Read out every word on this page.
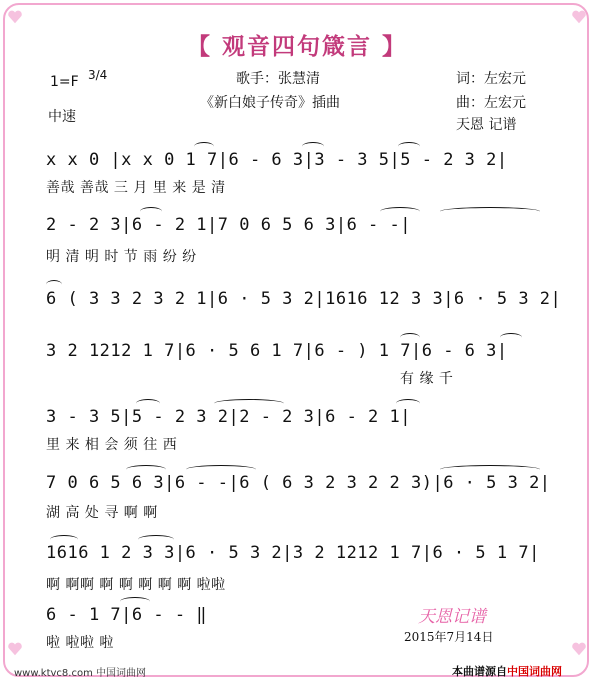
【 观音四句箴言 】
1=F 3/4
中速
歌手：张慧清
《新白娘子传奇》插曲
词：左宏元
曲：左宏元
天恩 记谱
x x 0 |x x 0 1 7|6 - 6 3|3 - 3 5|5 - 2 3 2|
善哉 善哉 三 月 里 来 是 清
2 - 2 3|6 - 2 1|7 0 6 5 6 3|6 - -|
明 清 明 时 节 雨 纷 纷
6 ( 3 3 2 3 2 1|6 · 5 3 2|1616 12 3 3|6 · 5 3 2|
3 2 1212 1 7|6 · 5 6 1 7|6 - ) 1 7|6 - 6 3|
有 缘 千
3 - 3 5|5 - 2 3 2|2 - 2 3|6 - 2 1|
里 来 相 会 须 往 西
7 0 6 5 6 3|6 - -|6 ( 6 3 2 3 2 2 3)|6 · 5 3 2|
湖 高 处 寻 啊 啊
1616 1 2 3 3|6 · 5 3 2|3 2 1212 1 7|6 · 5 1 7|
啊 啊啊 啊 啊 啊 啊 啊 啦啦
6 - 1 7|6 - - ‖
啦 啦啦 啦
天恩记谱
2015年7月14日
www.ktvc8.com 中国词曲网	本曲谱源自中国词曲网
